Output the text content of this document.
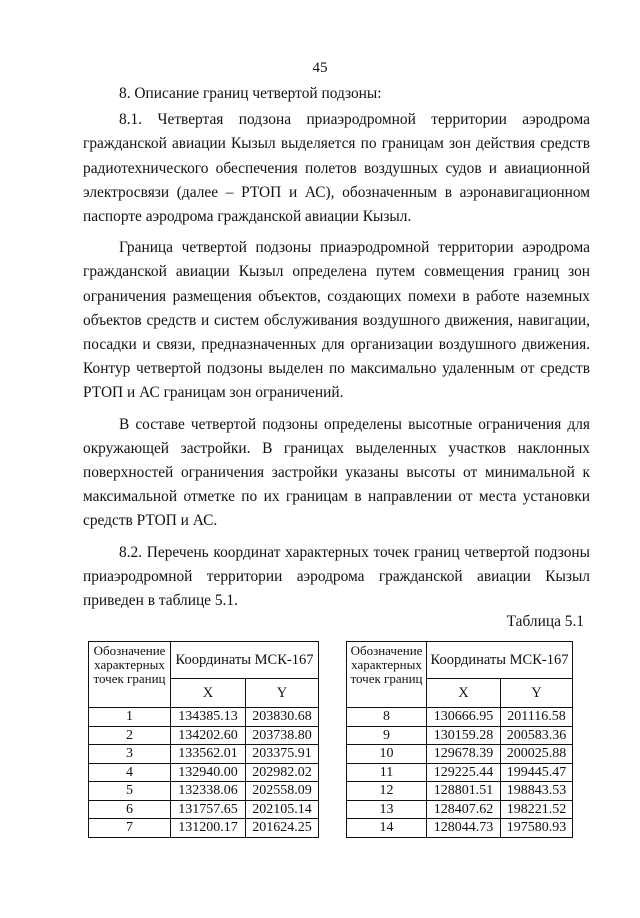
45

8. Описание границ четвертой подзоны:

8.1. Четвертая подзона приаэродромной территории аэродрома гражданской авиации Кызыл выделяется по границам зон действия средств радиотехнического обеспечения полетов воздушных судов и авиационной электросвязи (далее – РТОП и АС), обозначенным в аэронавигационном паспорте аэродрома гражданской авиации Кызыл.

Граница четвертой подзоны приаэродромной территории аэродрома гражданской авиации Кызыл определена путем совмещения границ зон ограничения размещения объектов, создающих помехи в работе наземных объектов средств и систем обслуживания воздушного движения, навигации, посадки и связи, предназначенных для организации воздушного движения. Контур четвертой подзоны выделен по максимально удаленным от средств РТОП и АС границам зон ограничений.

В составе четвертой подзоны определены высотные ограничения для окружающей застройки. В границах выделенных участков наклонных поверхностей ограничения застройки указаны высоты от минимальной к максимальной отметке по их границам в направлении от места установки средств РТОП и АС.

8.2. Перечень координат характерных точек границ четвертой подзоны приаэродромной территории аэродрома гражданской авиации Кызыл приведен в таблице 5.1.

Таблица 5.1
Обозначение характерных точек границ	Координаты МСК-167	
	X	Y
1	134385.13	203830.68
2	134202.60	203738.80
3	133562.01	203375.91
4	132940.00	202982.02
5	132338.06	202558.09
6	131757.65	202105.14
7	131200.17	201624.25
Обозначение характерных точек границ	Координаты МСК-167	
	X	Y
8	130666.95	201116.58
9	130159.28	200583.36
10	129678.39	200025.88
11	129225.44	199445.47
12	128801.51	198843.53
13	128407.62	198221.52
14	128044.73	197580.93
